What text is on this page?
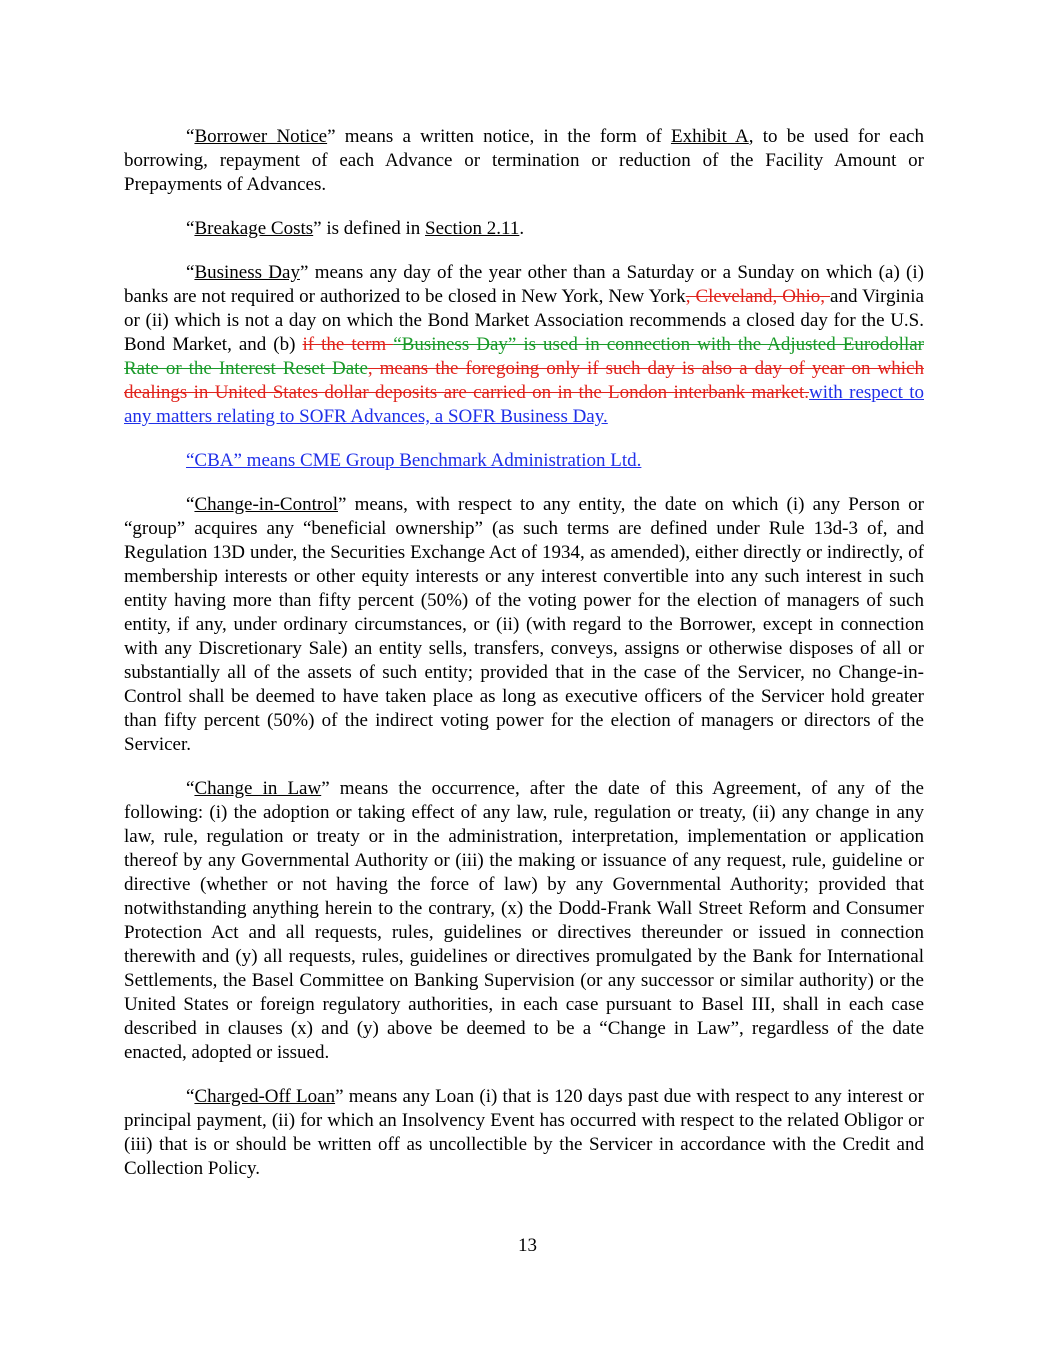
“Borrower Notice” means a written notice, in the form of Exhibit A, to be used for each borrowing, repayment of each Advance or termination or reduction of the Facility Amount or Prepayments of Advances.

“Breakage Costs” is defined in Section 2.11.

“Business Day” means any day of the year other than a Saturday or a Sunday on which (a) (i) banks are not required or authorized to be closed in New York, New York, Cleveland, Ohio, and Virginia or (ii) which is not a day on which the Bond Market Association recommends a closed day for the U.S. Bond Market, and (b) if the term “Business Day” is used in connection with the Adjusted Eurodollar Rate or the Interest Reset Date, means the foregoing only if such day is also a day of year on which dealings in United States dollar deposits are carried on in the London interbank market.with respect to any matters relating to SOFR Advances, a SOFR Business Day.

“CBA” means CME Group Benchmark Administration Ltd.

“Change-in-Control” means, with respect to any entity, the date on which (i) any Person or “group” acquires any “beneficial ownership” (as such terms are defined under Rule 13d-3 of, and Regulation 13D under, the Securities Exchange Act of 1934, as amended), either directly or indirectly, of membership interests or other equity interests or any interest convertible into any such interest in such entity having more than fifty percent (50%) of the voting power for the election of managers of such entity, if any, under ordinary circumstances, or (ii) (with regard to the Borrower, except in connection with any Discretionary Sale) an entity sells, transfers, conveys, assigns or otherwise disposes of all or substantially all of the assets of such entity; provided that in the case of the Servicer, no Change-in-Control shall be deemed to have taken place as long as executive officers of the Servicer hold greater than fifty percent (50%) of the indirect voting power for the election of managers or directors of the Servicer.

“Change in Law” means the occurrence, after the date of this Agreement, of any of the following: (i) the adoption or taking effect of any law, rule, regulation or treaty, (ii) any change in any law, rule, regulation or treaty or in the administration, interpretation, implementation or application thereof by any Governmental Authority or (iii) the making or issuance of any request, rule, guideline or directive (whether or not having the force of law) by any Governmental Authority; provided that notwithstanding anything herein to the contrary, (x) the Dodd-Frank Wall Street Reform and Consumer Protection Act and all requests, rules, guidelines or directives thereunder or issued in connection therewith and (y) all requests, rules, guidelines or directives promulgated by the Bank for International Settlements, the Basel Committee on Banking Supervision (or any successor or similar authority) or the United States or foreign regulatory authorities, in each case pursuant to Basel III, shall in each case described in clauses (x) and (y) above be deemed to be a “Change in Law”, regardless of the date enacted, adopted or issued.

“Charged-Off Loan” means any Loan (i) that is 120 days past due with respect to any interest or principal payment, (ii) for which an Insolvency Event has occurred with respect to the related Obligor or (iii) that is or should be written off as uncollectible by the Servicer in accordance with the Credit and Collection Policy.

13
